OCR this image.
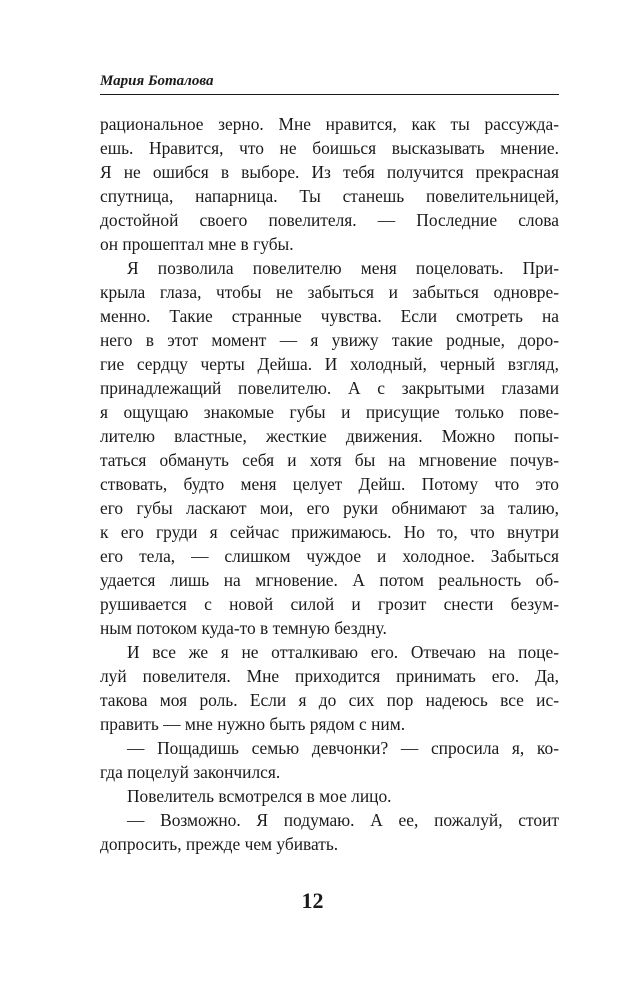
Мария Боталова
рациональное зерно. Мне нравится, как ты рассужда-
ешь. Нравится, что не боишься высказывать мнение.
Я не ошибся в выборе. Из тебя получится прекрасная
спутница, напарница. Ты станешь повелительницей,
достойной своего повелителя. — Последние слова
он прошептал мне в губы.
Я позволила повелителю меня поцеловать. При-
крыла глаза, чтобы не забыться и забыться одновре-
менно. Такие странные чувства. Если смотреть на
него в этот момент — я увижу такие родные, доро-
гие сердцу черты Дейша. И холодный, черный взгляд,
принадлежащий повелителю. А с закрытыми глазами
я ощущаю знакомые губы и присущие только пове-
лителю властные, жесткие движения. Можно попы-
таться обмануть себя и хотя бы на мгновение почув-
ствовать, будто меня целует Дейш. Потому что это
его губы ласкают мои, его руки обнимают за талию,
к его груди я сейчас прижимаюсь. Но то, что внутри
его тела, — слишком чуждое и холодное. Забыться
удается лишь на мгновение. А потом реальность об-
рушивается с новой силой и грозит снести безум-
ным потоком куда-то в темную бездну.
И все же я не отталкиваю его. Отвечаю на поце-
луй повелителя. Мне приходится принимать его. Да,
такова моя роль. Если я до сих пор надеюсь все ис-
править — мне нужно быть рядом с ним.
— Пощадишь семью девчонки? — спросила я, ко-
гда поцелуй закончился.
Повелитель всмотрелся в мое лицо.
— Возможно. Я подумаю. А ее, пожалуй, стоит
допросить, прежде чем убивать.
12
